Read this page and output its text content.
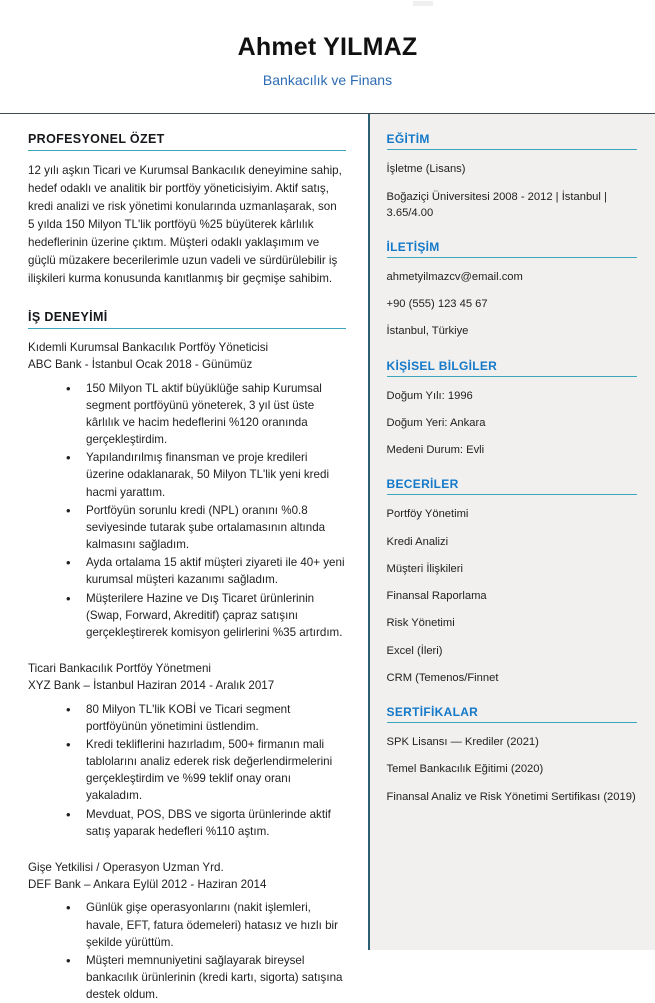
Ahmet YILMAZ
Bankacılık ve Finans
PROFESYONEL ÖZET

12 yılı aşkın Ticari ve Kurumsal Bankacılık deneyimine sahip, hedef odaklı ve analitik bir portföy yöneticisiyim. Aktif satış, kredi analizi ve risk yönetimi konularında uzmanlaşarak, son 5 yılda 150 Milyon TL'lik portföyü %25 büyüterek kârlılık hedeflerinin üzerine çıktım. Müşteri odaklı yaklaşımım ve güçlü müzakere becerilerimle uzun vadeli ve sürdürülebilir iş ilişkileri kurma konusunda kanıtlanmış bir geçmişe sahibim.

İŞ DENEYİMİ
Kıdemli Kurumsal Bankacılık Portföy Yöneticisi
ABC Bank - İstanbul Ocak 2018 - Günümüz
• 150 Milyon TL aktif büyüklüğe sahip Kurumsal segment portföyünü yöneterek, 3 yıl üst üste kârlılık ve hacim hedeflerini %120 oranında gerçekleştirdim.
• Yapılandırılmış finansman ve proje kredileri üzerine odaklanarak, 50 Milyon TL'lik yeni kredi hacmi yarattım.
• Portföyün sorunlu kredi (NPL) oranını %0.8 seviyesinde tutarak şube ortalamasının altında kalmasını sağladım.
• Ayda ortalama 15 aktif müşteri ziyareti ile 40+ yeni kurumsal müşteri kazanımı sağladım.
• Müşterilere Hazine ve Dış Ticaret ürünlerinin (Swap, Forward, Akreditif) çapraz satışını gerçekleştirerek komisyon gelirlerini %35 artırdım.
Ticari Bankacılık Portföy Yönetmeni
XYZ Bank – İstanbul Haziran 2014 - Aralık 2017
• 80 Milyon TL'lik KOBİ ve Ticari segment portföyünün yönetimini üstlendim.
• Kredi tekliflerini hazırladım, 500+ firmanın mali tablolarını analiz ederek risk değerlendirmelerini gerçekleştirdim ve %99 teklif onay oranı yakaladım.
• Mevduat, POS, DBS ve sigorta ürünlerinde aktif satış yaparak hedefleri %110 aştım.
Gişe Yetkilisi / Operasyon Uzman Yrd.
DEF Bank – Ankara Eylül 2012 - Haziran 2014
• Günlük gişe operasyonlarını (nakit işlemleri, havale, EFT, fatura ödemeleri) hatasız ve hızlı bir şekilde yürüttüm.
• Müşteri memnuniyetini sağlayarak bireysel bankacılık ürünlerinin (kredi kartı, sigorta) satışına destek oldum.
EĞİTİM
İşletme (Lisans)
Boğaziçi Üniversitesi 2008 - 2012 | İstanbul | 3.65/4.00
İLETİŞİM
ahmetyilmazcv@email.com
+90 (555) 123 45 67
İstanbul, Türkiye
KİŞİSEL BİLGİLER
Doğum Yılı: 1996
Doğum Yeri: Ankara
Medeni Durum: Evli
BECERİLER
Portföy Yönetimi
Kredi Analizi
Müşteri İlişkileri
Finansal Raporlama
Risk Yönetimi
Excel (İleri)
CRM (Temenos/Finnet
SERTİFİKALAR
SPK Lisansı — Krediler (2021)
Temel Bankacılık Eğitimi (2020)
Finansal Analiz ve Risk Yönetimi Sertifikası (2019)
